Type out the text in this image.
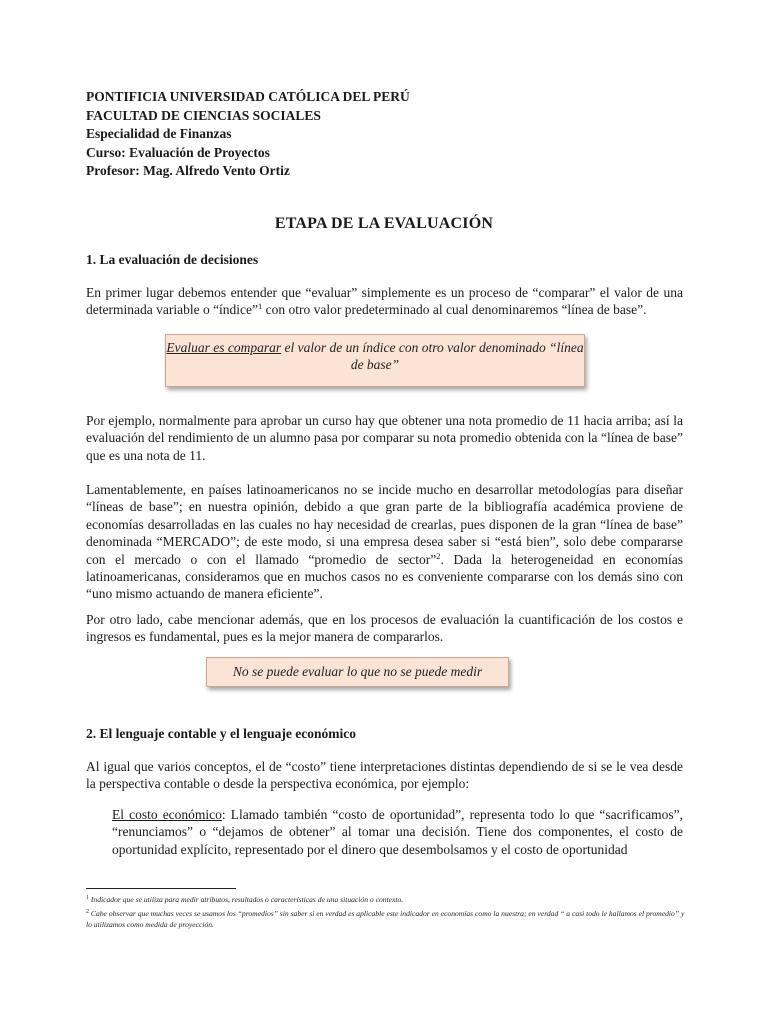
PONTIFICIA UNIVERSIDAD CATÓLICA DEL PERÚ
FACULTAD DE CIENCIAS SOCIALES
Especialidad de Finanzas
Curso: Evaluación de Proyectos
Profesor: Mag. Alfredo Vento Ortiz
ETAPA DE LA EVALUACIÓN
1. La evaluación de decisiones
En primer lugar debemos entender que “evaluar” simplemente es un proceso de “comparar” el valor de una determinada variable o “índice”$^1$ con otro valor predeterminado al cual denominaremos “línea de base”.
Evaluar es comparar el valor de un índice con otro valor denominado “línea de base”
Por ejemplo, normalmente para aprobar un curso hay que obtener una nota promedio de 11 hacia arriba; así la evaluación del rendimiento de un alumno pasa por comparar su nota promedio obtenida con la “línea de base” que es una nota de 11.
Lamentablemente, en países latinoamericanos no se incide mucho en desarrollar metodologías para diseñar “líneas de base”; en nuestra opinión, debido a que gran parte de la bibliografía académica proviene de economías desarrolladas en las cuales no hay necesidad de crearlas, pues disponen de la gran “línea de base” denominada “MERCADO”; de este modo, si una empresa desea saber si “está bien”, solo debe compararse con el mercado o con el llamado “promedio de sector”$^2$. Dada la heterogeneidad en economías latinoamericanas, consideramos que en muchos casos no es conveniente compararse con los demás sino con “uno mismo actuando de manera eficiente”.
Por otro lado, cabe mencionar además, que en los procesos de evaluación la cuantificación de los costos e ingresos es fundamental, pues es la mejor manera de compararlos.
No se puede evaluar lo que no se puede medir
2. El lenguaje contable y el lenguaje económico
Al igual que varios conceptos, el de “costo” tiene interpretaciones distintas dependiendo de si se le vea desde la perspectiva contable o desde la perspectiva económica, por ejemplo:
El costo económico: Llamado también “costo de oportunidad”, representa todo lo que “sacrificamos”, “renunciamos” o “dejamos de obtener” al tomar una decisión. Tiene dos componentes, el costo de oportunidad explícito, representado por el dinero que desembolsamos y el costo de oportunidad
$^1$ Indicador que se utiliza para medir atributos, resultados o características de una situación o contexto.
$^2$ Cabe observar que muchas veces se usamos los “promedios” sin saber si en verdad es aplicable este indicador en economías como la nuestra; en verdad “ a casi todo le hallamos el promedio” y lo utilizamos como medida de proyección.
